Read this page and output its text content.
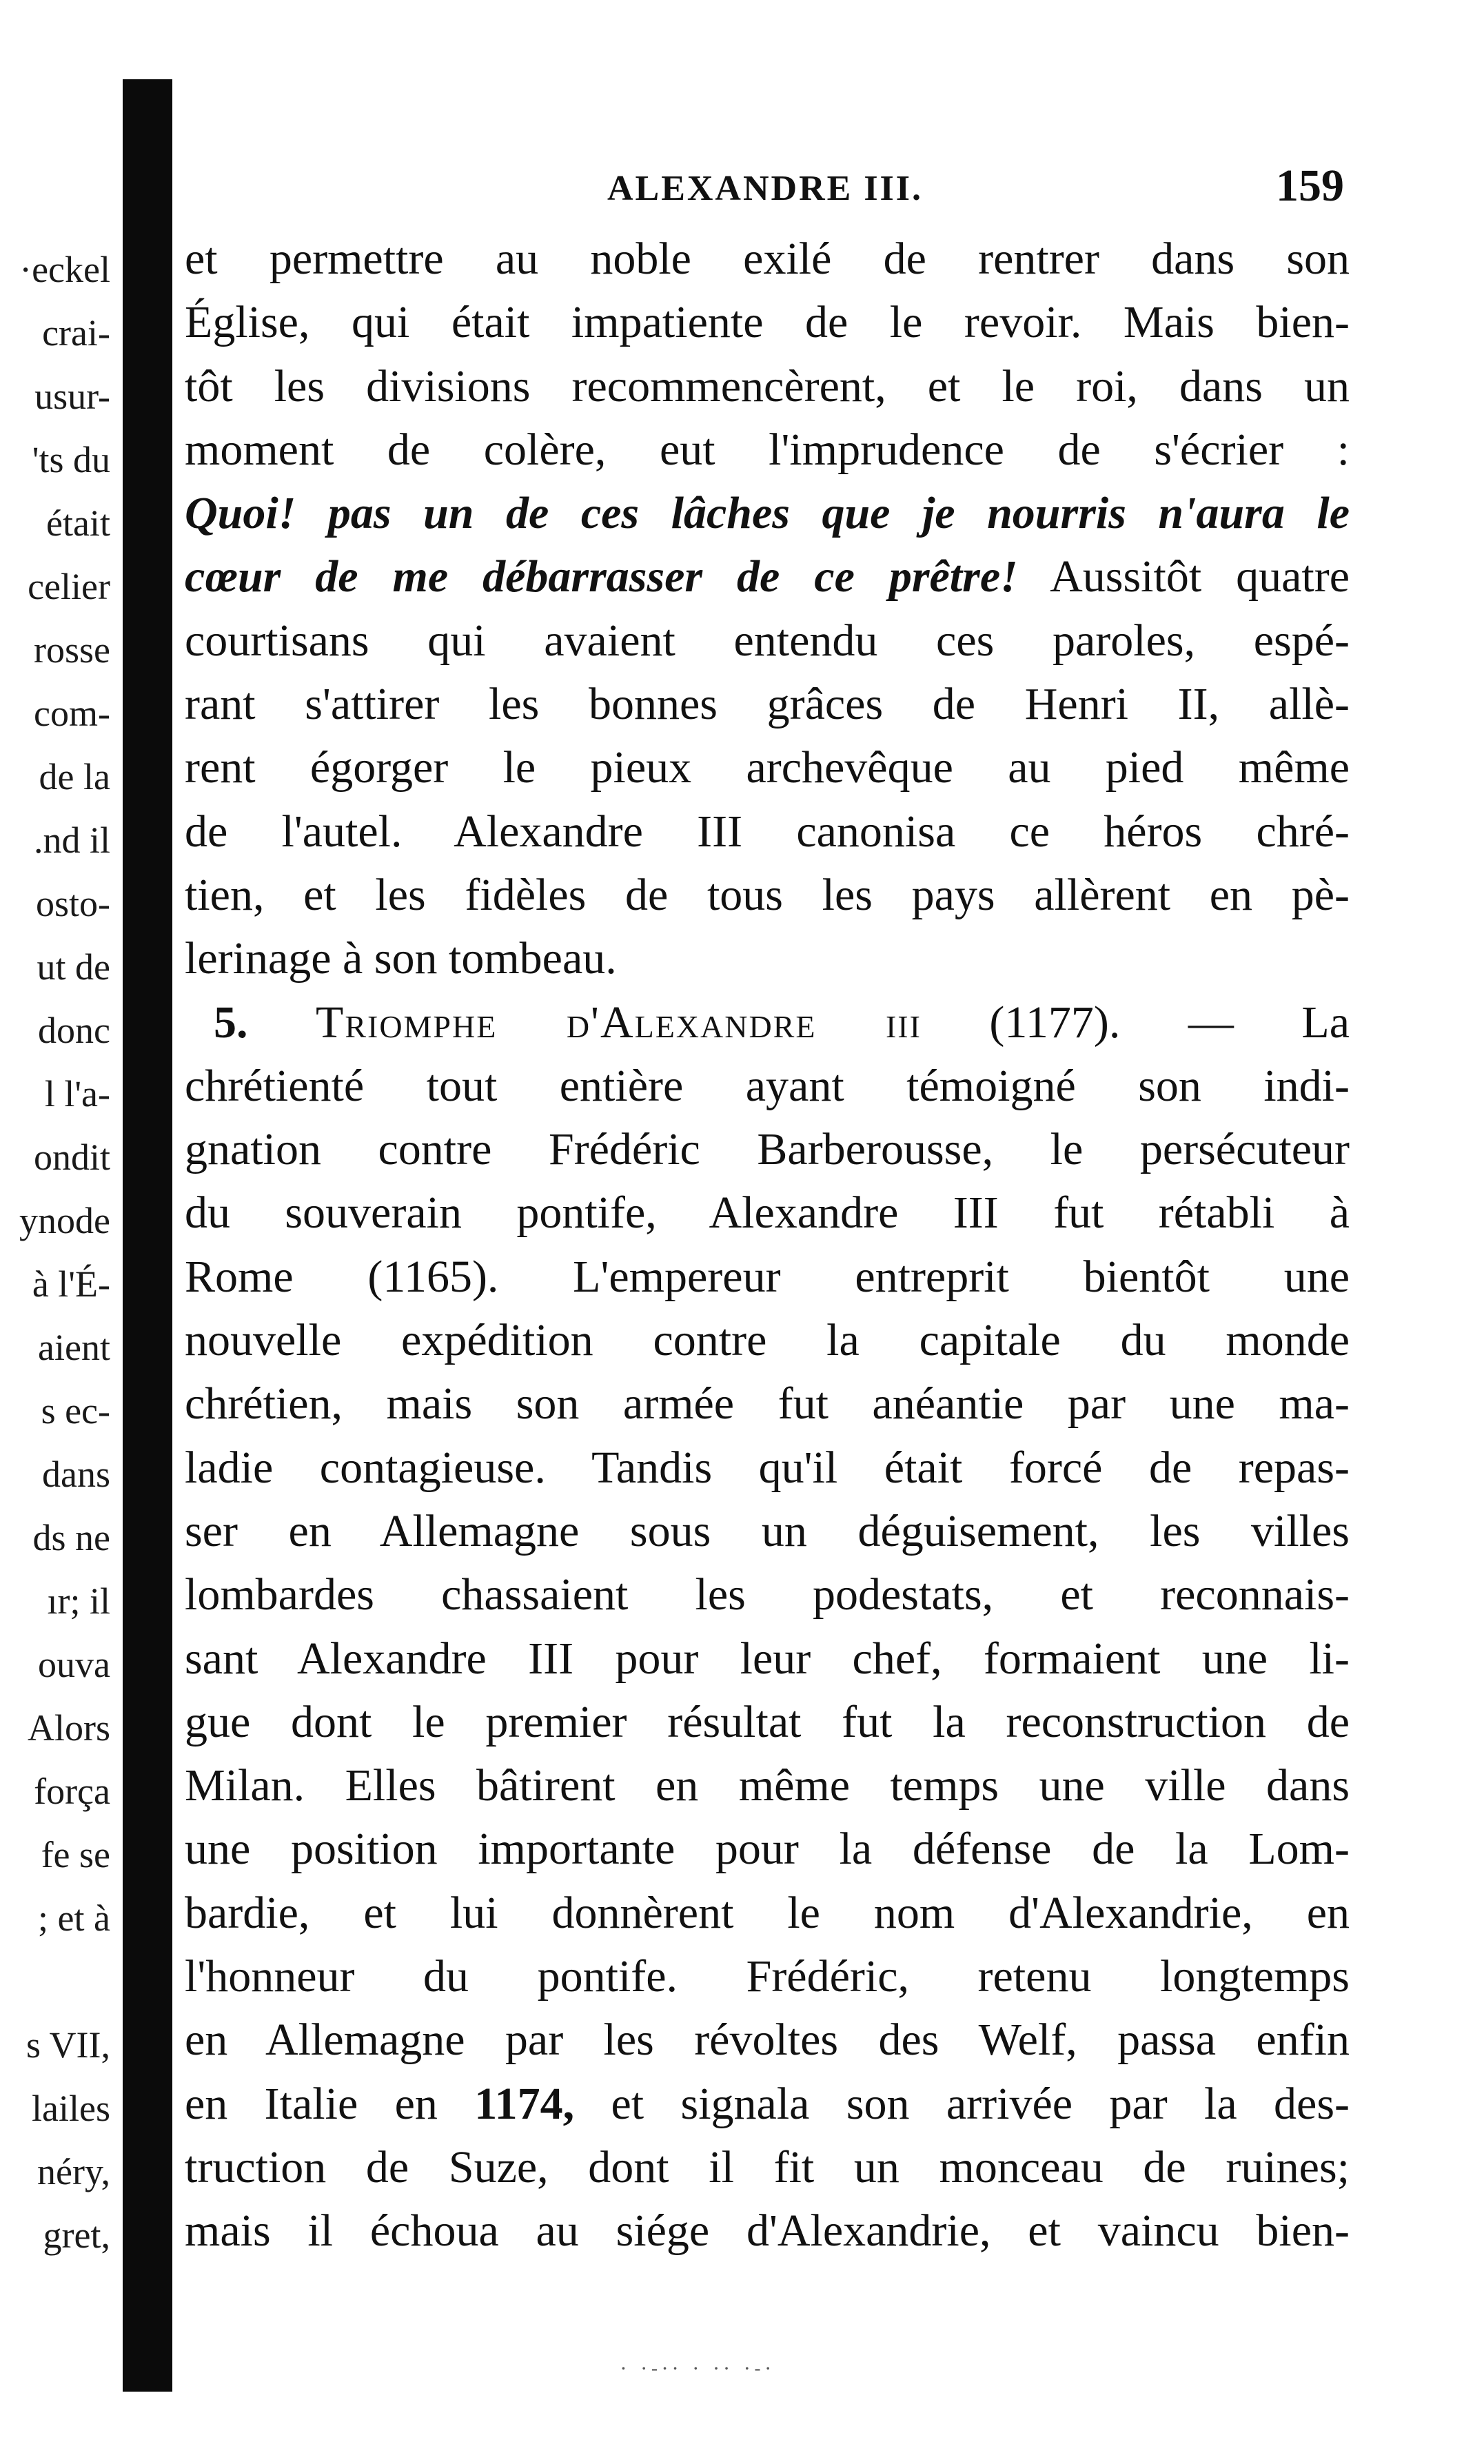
·eckel
crai-
usur-
'ts du
était
celier
rosse
com-
de la
.nd il
osto-
ut de
donc
l l'a-
ondit
ynode
à l'É-
aient
s ec-
dans
ds ne
ır; il
ouva
Alors
força
fe se
; et à
s VII,
lailes
néry,
gret,
ALEXANDRE III.	159
et permettre au noble exilé de rentrer dans son
Église, qui était impatiente de le revoir. Mais bien-
tôt les divisions recommencèrent, et le roi, dans un
moment de colère, eut l'imprudence de s'écrier :
Quoi! pas un de ces lâches que je nourris n'aura le
cœur de me débarrasser de ce prêtre! Aussitôt quatre
courtisans qui avaient entendu ces paroles, espé-
rant s'attirer les bonnes grâces de Henri II, allè-
rent égorger le pieux archevêque au pied même
de l'autel. Alexandre III canonisa ce héros chré-
tien, et les fidèles de tous les pays allèrent en pè-
lerinage à son tombeau.
5. Triomphe d'Alexandre iii (1177). — La
chrétienté tout entière ayant témoigné son indi-
gnation contre Frédéric Barberousse, le persécuteur
du souverain pontife, Alexandre III fut rétabli à
Rome (1165). L'empereur entreprit bientôt une
nouvelle expédition contre la capitale du monde
chrétien, mais son armée fut anéantie par une ma-
ladie contagieuse. Tandis qu'il était forcé de repas-
ser en Allemagne sous un déguisement, les villes
lombardes chassaient les podestats, et reconnais-
sant Alexandre III pour leur chef, formaient une li-
gue dont le premier résultat fut la reconstruction de
Milan. Elles bâtirent en même temps une ville dans
une position importante pour la défense de la Lom-
bardie, et lui donnèrent le nom d'Alexandrie, en
l'honneur du pontife. Frédéric, retenu longtemps
en Allemagne par les révoltes des Welf, passa enfin
en Italie en 1174, et signala son arrivée par la des-
truction de Suze, dont il fit un monceau de ruines;
mais il échoua au siége d'Alexandrie, et vaincu bien-
· ·-·· · ·· ·-·
